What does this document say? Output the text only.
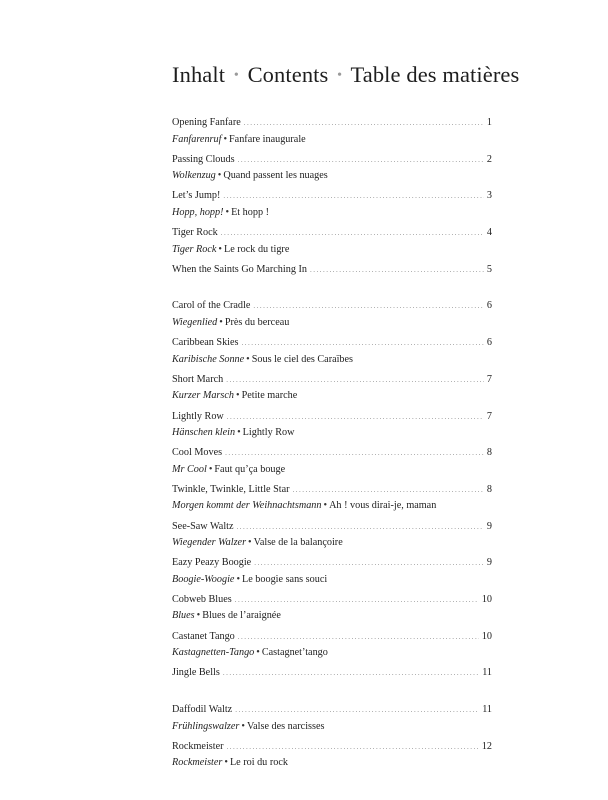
Inhalt • Contents • Table des matières
Opening Fanfare .....	1
Fanfarenruf • Fanfare inaugurale
Passing Clouds .....	2
Wolkenzug • Quand passent les nuages
Let’s Jump! .....	3
Hopp, hopp! • Et hopp !
Tiger Rock .....	4
Tiger Rock • Le rock du tigre
When the Saints Go Marching In .....	5
Carol of the Cradle .....	6
Wiegenlied • Près du berceau
Caribbean Skies .....	6
Karibische Sonne • Sous le ciel des Caraïbes
Short March .....	7
Kurzer Marsch • Petite marche
Lightly Row .....	7
Hänschen klein • Lightly Row
Cool Moves .....	8
Mr Cool • Faut qu’ça bouge
Twinkle, Twinkle, Little Star .....	8
Morgen kommt der Weihnachtsmann • Ah ! vous dirai-je, maman
See-Saw Waltz .....	9
Wiegender Walzer • Valse de la balançoire
Eazy Peazy Boogie .....	9
Boogie-Woogie • Le boogie sans souci
Cobweb Blues .....	10
Blues • Blues de l’araignée
Castanet Tango .....	10
Kastagnetten-Tango • Castagnet’tango
Jingle Bells .....	11
Daffodil Waltz .....	11
Frühlingswalzer • Valse des narcisses
Rockmeister .....	12
Rockmeister • Le roi du rock
